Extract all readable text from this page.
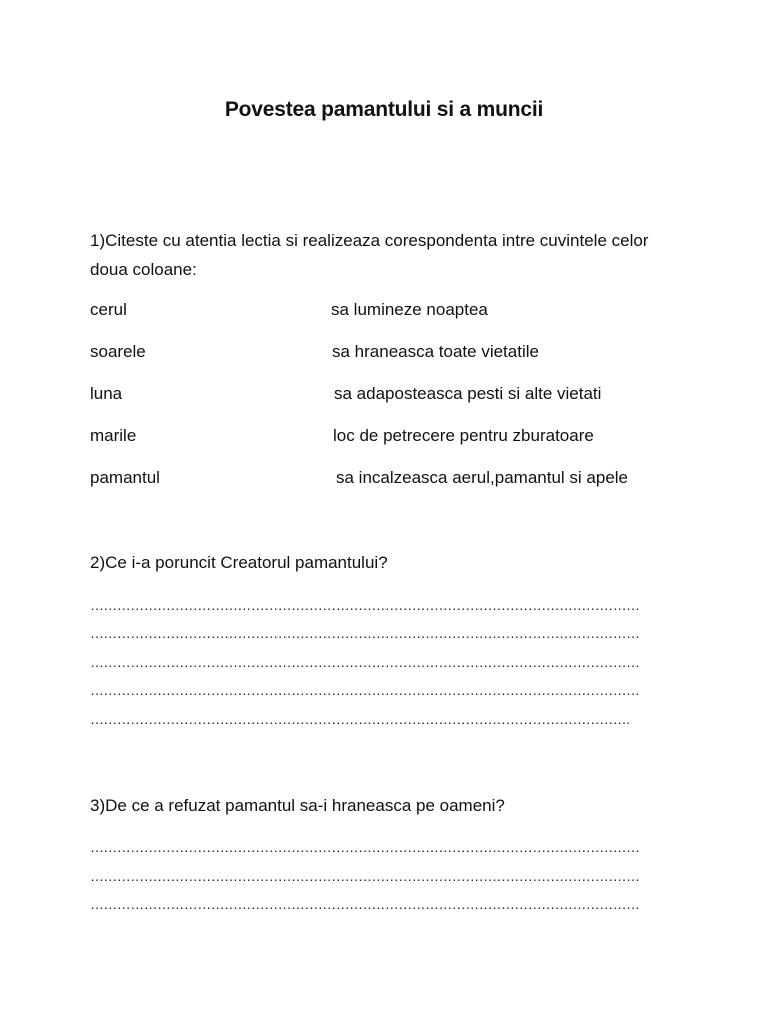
Povestea pamantului si a muncii
1)Citeste cu atentia lectia si realizeaza corespondenta intre cuvintele celor doua coloane:
cerul	sa lumineze noaptea
soarele	sa hraneasca toate vietatile
luna	sa adaposteasca pesti si alte vietati
marile	loc de petrecere pentru zburatoare
pamantul	sa incalzeasca aerul,pamantul si apele
2)Ce i-a poruncit Creatorul pamantului?
……………………………………………………………………………………………………………
……………………………………………………………………………………………………………
……………………………………………………………………………………………………………
……………………………………………………………………………………………………………
………………………………………………………………………………………………………….
3)De ce a refuzat pamantul sa-i hraneasca pe oameni?
……………………………………………………………………………………………………………
……………………………………………………………………………………………………………
……………………………………………………………………………………………………………
